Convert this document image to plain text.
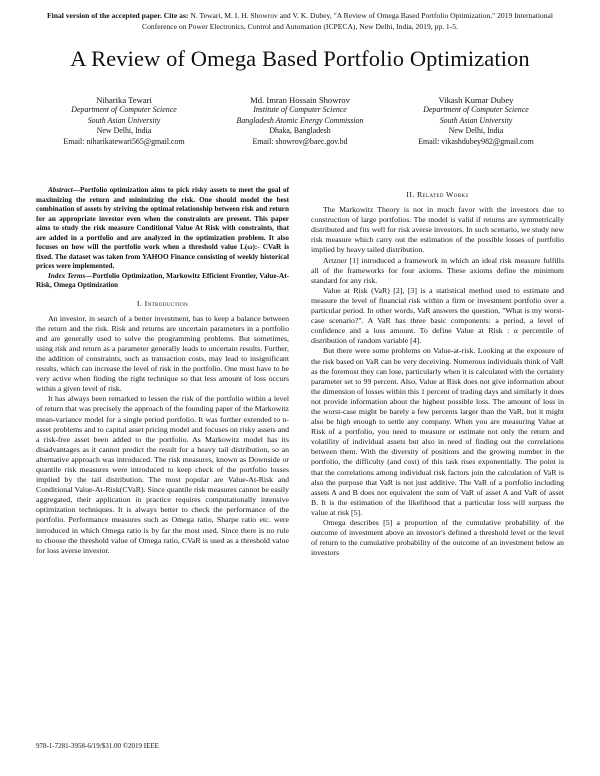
Final version of the accepted paper. Cite as: N. Tewari, M. I. H. Showrov and V. K. Dubey, "A Review of Omega Based Portfolio Optimization," 2019 International Conference on Power Electronics, Control and Automation (ICPECA), New Delhi, India, 2019, pp. 1-5.
A Review of Omega Based Portfolio Optimization
Niharika Tewari
Department of Computer Science
South Asian University
New Delhi, India
Email: niharikatewari565@gmail.com
Md. Imran Hossain Showrov
Institute of Computer Science
Bangladesh Atomic Energy Commission
Dhaka, Bangladesh
Email: showrov@baec.gov.bd
Vikash Kumar Dubey
Department of Computer Science
South Asian University
New Delhi, India
Email: vikashdubey982@gmail.com

Abstract—Portfolio optimization aims to pick risky assets to meet the goal of maximizing the return and minimizing the risk. One should model the best combination of assets by striving the optimal relationship between risk and return for an appropriate investor even when the constraints are present. This paper aims to study the risk measure Conditional Value At Risk with constraints, that are added in a portfolio and are analyzed in the optimization problem. It also focuses on how will the portfolio work when a threshold value L(ω):- CVaR is fixed. The dataset was taken from YAHOO Finance consisting of weekly historical prices were implemented.

Index Terms—Portfolio Optimization, Markowitz Efficient Frontier, Value-At-Risk, Omega Optimization

I. Introduction

An investor, in search of a better investment, has to keep a balance between the return and the risk. Risk and returns are uncertain parameters in a portfolio and are generally used to solve the programming problems. But sometimes, using risk and return as a parameter generally leads to uncertain results. Further, the addition of constraints, such as transaction costs, may lead to insignificant results, which can increase the level of risk in the portfolio. One must have to be very active when finding the right technique so that less amount of loss occurs within a given level of risk.

It has always been remarked to lessen the risk of the portfolio within a level of return that was precisely the approach of the founding paper of the Markowitz mean-variance model for a single period portfolio. It was further extended to n-asset problems and to capital asset pricing model and focuses on risky assets and a risk-free asset been added to the portfolio. As Markowitz model has its disadvantages as it cannot predict the result for a heavy tail distribution, so an alternative approach was introduced. The risk measures, known as Downside or quantile risk measures were introduced to keep check of the portfolio losses implied by the tail distribution. The most popular are Value-At-Risk and Conditional Value-At-Risk(CVaR). Since quantile risk measures cannot be easily aggregated, their application in practice requires computationally intensive optimization techniques. It is always better to check the performance of the portfolio. Performance measures such as Omega ratio, Sharpe ratio etc. were introduced in which Omega ratio is by far the most used. Since there is no rule to choose the threshold value of Omega ratio, CVaR is used as a threshold value for loss averse investor.

II. Related Works

The Markowitz Theory is not in much favor with the investors due to construction of large portfolios. The model is valid if returns are symmetrically distributed and fits well for risk averse investors. In such scenario, we study new risk measure which carry out the estimation of the possible losses of portfolio implied by heavy tailed distribution.

Artzner [1] introduced a framework in which an ideal risk measure fulfills all of the frameworks for four axioms. These axioms define the minimum standard for any risk.

Value at Risk (VaR) [2], [3] is a statistical method used to estimate and measure the level of financial risk within a firm or investment portfolio over a particular period. In other words, VaR answers the question, "What is my worst-case scenario?". A VaR has three basic components: a period, a level of confidence and a loss amount. To define Value at Risk : α percentile of distribution of random variable [4].

But there were some problems on Value-at-risk. Looking at the exposure of the risk based on VaR can be very deceiving. Numerous individuals think of VaR as the foremost they can lose, particularly when it is calculated with the certainty parameter set to 99 percent. Also, Value at Risk does not give information about the dimension of losses within this 1 percent of trading days and similarly it does not provide information about the highest possible loss. The amount of loss in the worst-case might be barely a few percents larger than the VaR, but it might also be high enough to settle any company. When you are measuring Value at Risk of a portfolio, you need to measure or estimate not only the return and volatility of individual assets but also in need of finding out the correlations between them. With the diversity of positions and the growing number in the portfolio, the difficulty (and cost) of this task rises exponentially. The point is that the correlations among individual risk factors join the calculation of VaR is also the purpose that VaR is not just additive. The VaR of a portfolio including assets A and B does not equivalent the sum of VaR of asset A and VaR of asset B. It is the estimation of the likelihood that a particular loss will surpass the value at risk [5].

Omega describes [5] a proportion of the cumulative probability of the outcome of investment above an investor's defined a threshold level or the level of return to the cumulative probability of the outcome of an investment below an investors

978-1-7281-3958-6/19/$31.00 ©2019 IEEE
